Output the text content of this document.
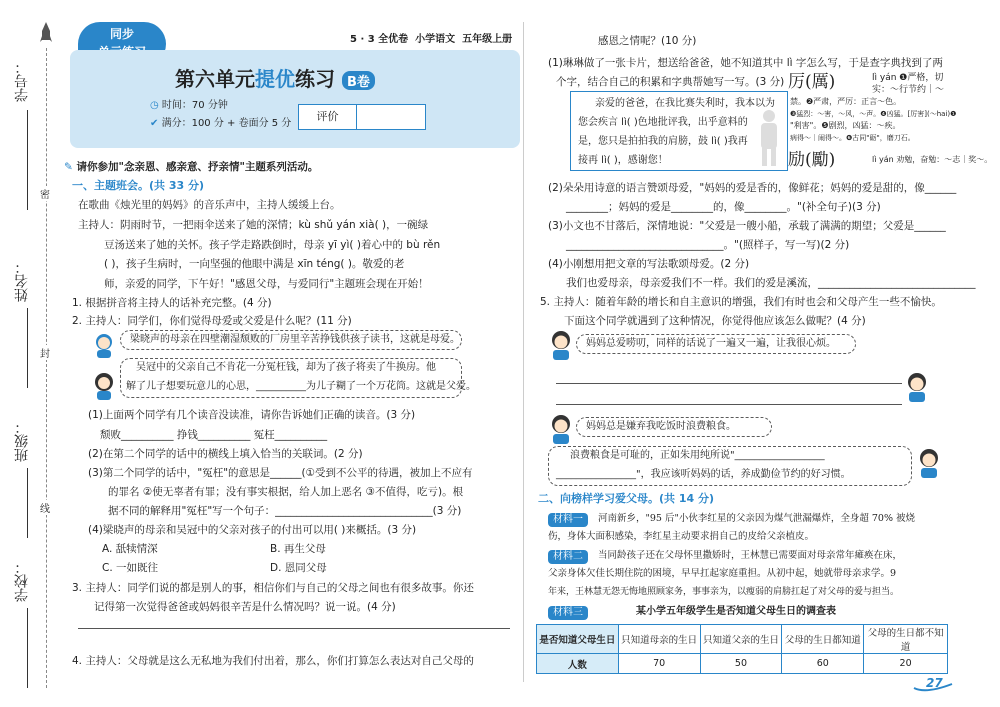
密
封
线
学号：
姓名：
班级：
学校：
同步	5 · 3 全优卷 小学语文 五年级上册
第六单元提优练习 B卷
◷ 时间：70 分钟
✔ 满分：100 分 + 卷面分 5 分
评价
✎ 请你参加"念亲恩、感亲意、抒亲情"主题系列活动。
一、主题班会。(共 33 分)
在歌曲《烛光里的妈妈》的音乐声中，主持人缓缓上台。
主持人：阴雨时节，一把雨伞送来了她的深情；kù shǔ yán xià( )，一碗绿
豆汤送来了她的关怀。孩子学走路跌倒时，母亲 yī yì( )着心中的 bù rěn
( )，孩子生病时，一向坚强的他眼中满是 xīn téng( )。敬爱的老
师，亲爱的同学，下午好！"感恩父母，与爱同行"主题班会现在开始！
1. 根据拼音将主持人的话补充完整。(4 分)
2. 主持人：同学们，你们觉得母爱或父爱是什么呢？(11 分)
梁晓声的母亲在四壁潮湿颓败的厂房里辛苦挣钱供孩子读书，这就是母爱。
吴冠中的父亲自己不肯花一分冤枉钱，却为了孩子将卖了牛换房。他
解了儿子想要玩意儿的心思，__________为儿子糊了一个万花筒。这就是父爱。
(1)上面两个同学有几个读音没读准，请你告诉她们正确的读音。(3 分)
颓败__________ 挣钱__________ 冤枉__________
(2)在第二个同学的话中的横线上填入恰当的关联词。(2 分)
(3)第二个同学的话中，"冤枉"的意思是______(①受到不公平的待遇，被加上不应有
的罪名 ②使无辜者有罪；没有事实根据，给人加上恶名 ③不值得，吃亏)。根
据不同的解释用"冤枉"写一个句子：______________________________(3 分)
(4)梁晓声的母亲和吴冠中的父亲对孩子的付出可以用( )来概括。(3 分)
A. 舐犊情深	B. 再生父母
C. 一如既往	D. 恩同父母
3. 主持人：同学们说的都是别人的事，相信你们与自己的父母之间也有很多故事。你还
记得第一次觉得爸爸或妈妈很辛苦是什么情况吗？说一说。(4 分)
4. 主持人：父母就是这么无私地为我们付出着，那么，你们打算怎么表达对自己父母的
感恩之情呢？(10 分)
(1)琳琳做了一张卡片，想送给爸爸，她不知道其中 lì 字怎么写，于是查字典找到了两
个字，结合自己的积累和字典帮她写一写。(3 分)
亲爱的爸爸，在我比赛失利时，我本以为
您会疾言 lì( )色地批评我，出乎意料的
是，您只是拍拍我的肩膀，鼓 lì( )我再
接再 lì( )，感谢您！
厉(厲)	lì yán ❶严格，切
实：～行节约｜～
禁。❷严肃，严厉：正言～色。
❸猛烈：～害，～风，～声。❹凶猛。[厉害](～hai)❶
"利害"。❺剧烈，凶猛：～疾。
病得～｜闹得～。❻古同"砺"，磨刀石。
励(勵)	lì yán 劝勉，奋勉：～志｜奖～。
(2)朵朵用诗意的语言赞颂母爱，"妈妈的爱是香的，像鲜花；妈妈的爱是甜的，像______
________；妈妈的爱是________的，像________。"(补全句子)(3 分)
(3)小文也不甘落后，深情地说："父爱是一艘小船，承载了满满的期望；父爱是______
______________________________。"(照样子，写一写)(2 分)
(4)小刚想用把文章的写法歌颂母爱。(2 分)
我们也爱母亲，母亲爱我们不一样。我们的爱是溪流，______________________________
5. 主持人：随着年龄的增长和自主意识的增强，我们有时也会和父母产生一些不愉快。
下面这个同学就遇到了这种情况，你觉得他应该怎么做呢？(4 分)
妈妈总爱唠叨，同样的话说了一遍又一遍，让我很心烦。
妈妈总是嫌弃我吃饭时浪费粮食。
浪费粮食是可耻的，正如朱用纯所说"__________________
________________"，我应该听妈妈的话，养成勤俭节约的好习惯。
二、向榜样学习爱父母。(共 14 分)
材料一	河南新乡，"95 后"小伙李红星的父亲因为煤气泄漏爆炸，全身超 70% 被烧
伤，身体大面积感染，李红星主动要求捐自己的皮给父亲植皮。
材料二	当同龄孩子还在父母怀里撒娇时，王林慧已需要面对母亲常年瘫痪在床，
父亲身体欠佳长期住院的困境，早早扛起家庭重担。从初中起，她就带母亲求学。9
年来，王林慧无怨无悔地照顾家务，事事亲为，以瘦弱的肩膀扛起了对父母的爱与担当。
材料三	某小学五年级学生是否知道父母生日的调查表
是否知道父母生日	只知道母亲的生日	只知道父亲的生日	父母的生日都知道	父母的生日都不知道
人数	70	50	60	20
27
